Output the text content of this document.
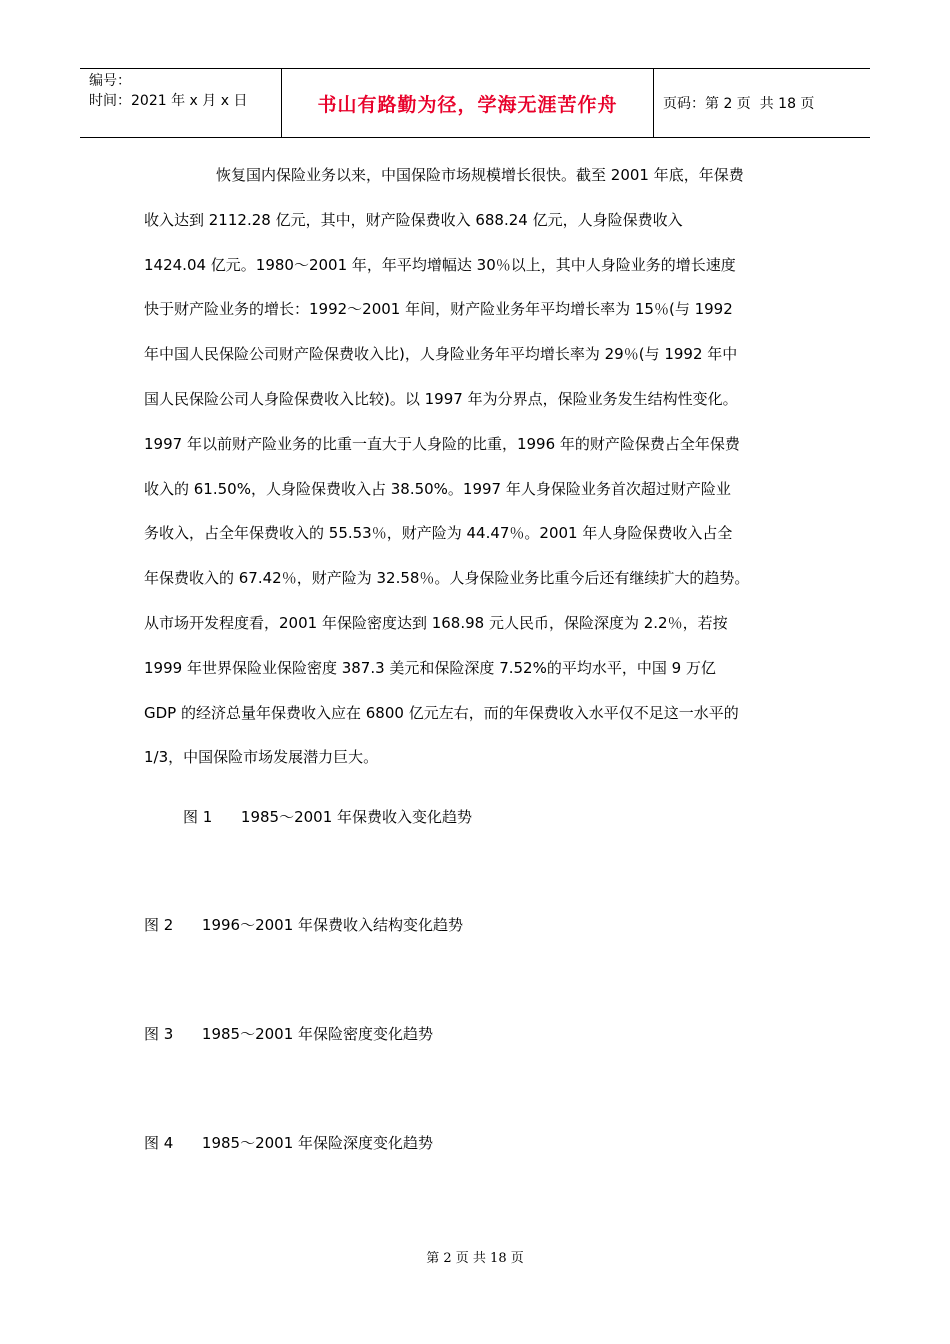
编号：
时间：2021 年 x 月 x 日	书山有路勤为径，学海无涯苦作舟	页码：第 2 页  共 18 页
恢复国内保险业务以来，中国保险市场规模增长很快。截至 2001 年底，年保费
收入达到 2112.28 亿元，其中，财产险保费收入 688.24 亿元，人身险保费收入
1424.04 亿元。1980～2001 年，年平均增幅达 30％以上，其中人身险业务的增长速度
快于财产险业务的增长：1992～2001 年间，财产险业务年平均增长率为 15％(与 1992
年中国人民保险公司财产险保费收入比)，人身险业务年平均增长率为 29％(与 1992 年中
国人民保险公司人身险保费收入比较)。以 1997 年为分界点，保险业务发生结构性变化。
1997 年以前财产险业务的比重一直大于人身险的比重，1996 年的财产险保费占全年保费
收入的 61.50%，人身险保费收入占 38.50%。1997 年人身保险业务首次超过财产险业
务收入，占全年保费收入的 55.53％，财产险为 44.47％。2001 年人身险保费收入占全
年保费收入的 67.42％，财产险为 32.58％。人身保险业务比重今后还有继续扩大的趋势。
从市场开发程度看，2001 年保险密度达到 168.98 元人民币，保险深度为 2.2％，若按
1999 年世界保险业保险密度 387.3 美元和保险深度 7.52%的平均水平，中国 9 万亿
GDP 的经济总量年保费收入应在 6800 亿元左右，而的年保费收入水平仅不足这一水平的
1/3，中国保险市场发展潜力巨大。
图 1      1985～2001 年保费收入变化趋势
图 2      1996～2001 年保费收入结构变化趋势
图 3      1985～2001 年保险密度变化趋势
图 4      1985～2001 年保险深度变化趋势
第 2 页 共 18 页
